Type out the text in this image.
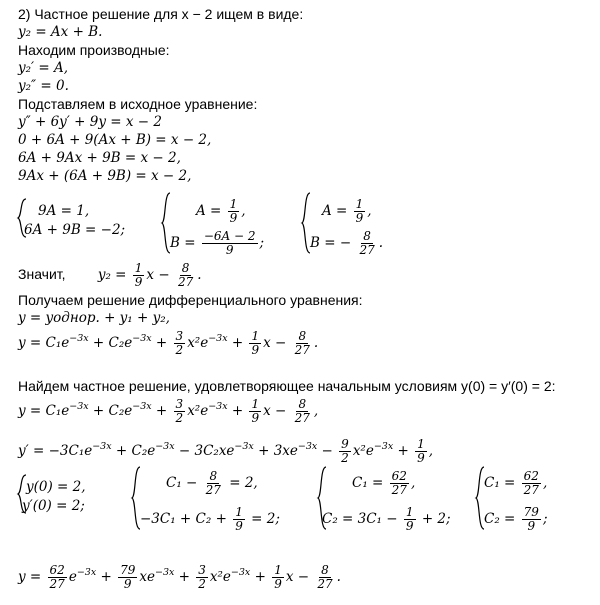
2) Частное решение для x − 2 ищем в виде:
y₂ = Ax + B.
Находим производные:
y₂′ = A,
y₂″ = 0.
Подставляем в исходное уравнение:
y″ + 6y′ + 9y = x − 2
0 + 6A + 9(Ax + B) = x − 2,
6A + 9Ax + 9B = x − 2,
9Ax + (6A + 9B) = x − 2,
9A = 1,
6A + 9B = −2;
$A = \frac{1}{9}$ ,
$B = \frac{-6A - 2}{9}$ ;
$A = \frac{1}{9}$ ,
B = − $\frac{8}{27}$ .
Значит, $y_2 = \frac{1}{9}$ $x - \frac{8}{27}$ .
Получаем решение дифференциального уравнения:
y = yоднор. + y₁ + y₂,
$y = C_1e^{-3x} + C_2e^{-3x} + \frac{3}{2} x^2e^{-3x} + \frac{1}{9}$ $x - \frac{8}{27}$ .
Найдем частное решение, удовлетворяющее начальным условиям y(0) = y′(0) = 2:
$y = C_1e^{-3x} + C_2e^{-3x} + \frac{3}{2} x^2e^{-3x} + \frac{1}{9}$ $x - \frac{8}{27}$ ,
$y' = -3C_1e^{-3x} + C_2e^{-3x} - 3C_2xe^{-3x} + 3xe^{-3x} - \frac{9}{2} x^2e^{-3x} + \frac{1}{9}$ ,
y(0) = 2,
y′(0) = 2;
$C_1 - \frac{8}{27} = 2$,
$-3C_1 + C_2 + \frac{1}{9} = 2$;
$C_1 = \frac{62}{27}$ ,
$C_2 = 3C_1 - \frac{1}{9} + 2$;
$C_1 = \frac{62}{27}$ ,
$C_2 = \frac{79}{9}$ ;
$y = \frac{62}{27} e^{-3x} + \frac{79}{9} xe^{-3x} + \frac{3}{2} x^2e^{-3x} + \frac{1}{9}$ $x - \frac{8}{27}$ .
